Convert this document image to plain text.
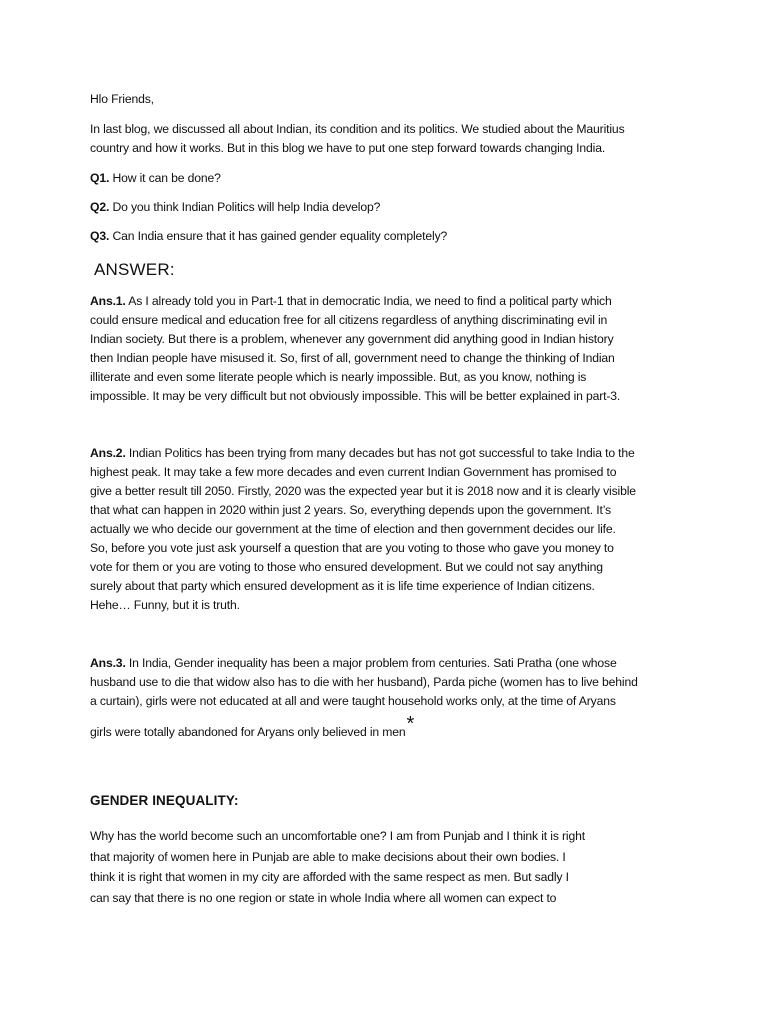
Hlo Friends,
In last blog, we discussed all about Indian, its condition and its politics. We studied about the Mauritius
country and how it works. But in this blog we have to put one step forward towards changing India.
Q1. How it can be done?
Q2. Do you think Indian Politics will help India develop?
Q3. Can India ensure that it has gained gender equality completely?
ANSWER:
Ans.1. As I already told you in Part-1 that in democratic India, we need to find a political party which
could ensure medical and education free for all citizens regardless of anything discriminating evil in
Indian society. But there is a problem, whenever any government did anything good in Indian history
then Indian people have misused it. So, first of all, government need to change the thinking of Indian
illiterate and even some literate people which is nearly impossible. But, as you know, nothing is
impossible. It may be very difficult but not obviously impossible. This will be better explained in part-3.
Ans.2. Indian Politics has been trying from many decades but has not got successful to take India to the
highest peak. It may take a few more decades and even current Indian Government has promised to
give a better result till 2050. Firstly, 2020 was the expected year but it is 2018 now and it is clearly visible
that what can happen in 2020 within just 2 years. So, everything depends upon the government. It’s
actually we who decide our government at the time of election and then government decides our life.
So, before you vote just ask yourself a question that are you voting to those who gave you money to
vote for them or you are voting to those who ensured development. But we could not say anything
surely about that party which ensured development as it is life time experience of Indian citizens.
Hehe… Funny, but it is truth.
Ans.3. In India, Gender inequality has been a major problem from centuries. Sati Pratha (one whose
husband use to die that widow also has to die with her husband), Parda piche (women has to live behind
a curtain), girls were not educated at all and were taught household works only, at the time of Aryans
girls were totally abandoned for Aryans only believed in men*
GENDER INEQUALITY:
Why has the world become such an uncomfortable one? I am from Punjab and I think it is right
that majority of women here in Punjab are able to make decisions about their own bodies. I
think it is right that women in my city are afforded with the same respect as men. But sadly I
can say that there is no one region or state in whole India where all women can expect to
